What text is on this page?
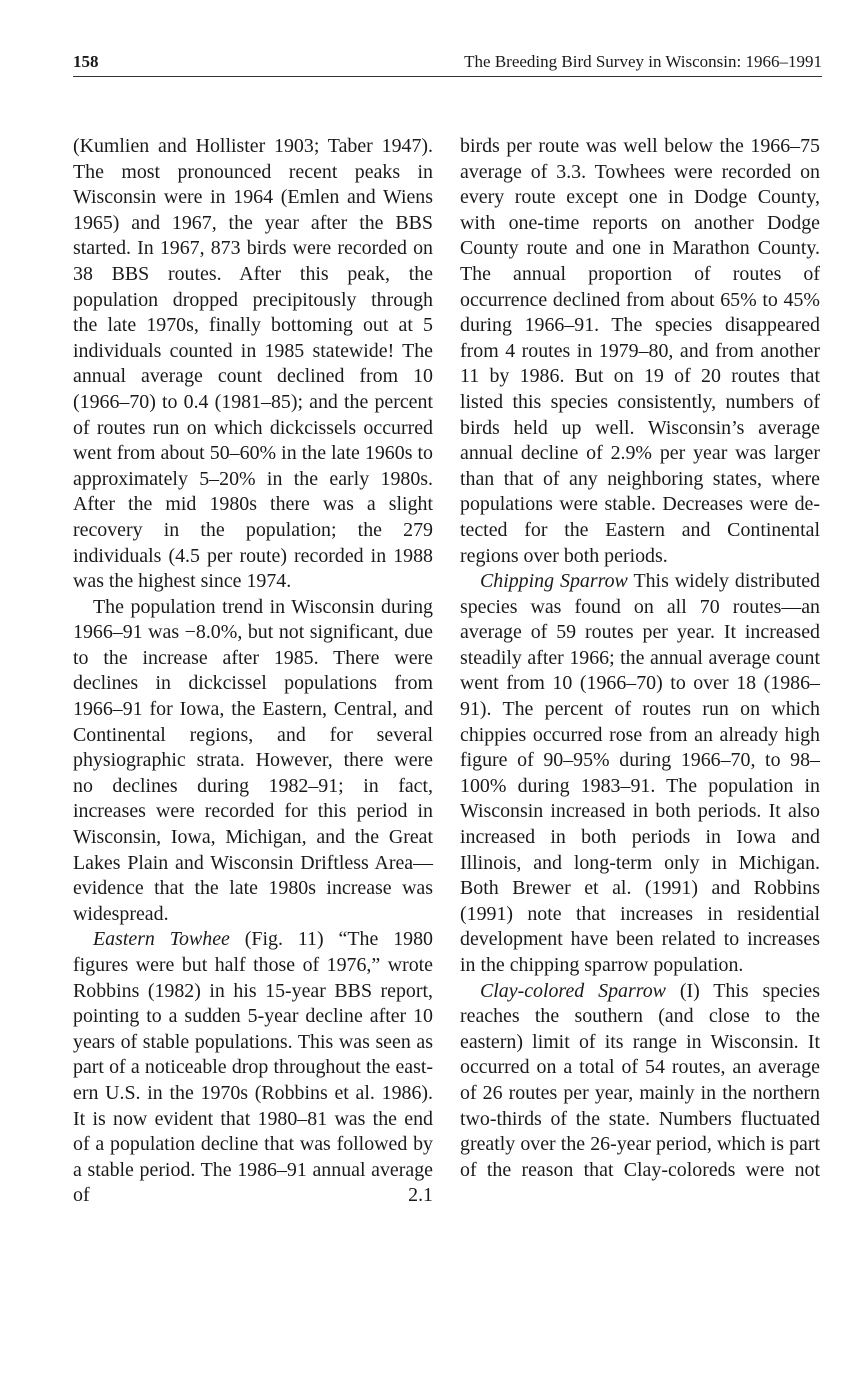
158	The Breeding Bird Survey in Wisconsin: 1966–1991

(Kumlien and Hollister 1903; Taber 1947). The most pronounced recent peaks in Wisconsin were in 1964 (Emlen and Wiens 1965) and 1967, the year after the BBS started. In 1967, 873 birds were recorded on 38 BBS routes. After this peak, the population dropped precipitously through the late 1970s, finally bottoming out at 5 individuals counted in 1985 statewide! The annual average count declined from 10 (1966–70) to 0.4 (1981–85); and the percent of routes run on which dickcissels occurred went from about 50–60% in the late 1960s to approximately 5–20% in the early 1980s. After the mid 1980s there was a slight recovery in the population; the 279 individuals (4.5 per route) recorded in 1988 was the highest since 1974.

The population trend in Wisconsin during 1966–91 was −8.0%, but not significant, due to the increase after 1985. There were declines in dickcissel populations from 1966–91 for Iowa, the Eastern, Central, and Continental regions, and for several physiographic strata. However, there were no declines during 1982–91; in fact, increases were recorded for this period in Wisconsin, Iowa, Michigan, and the Great Lakes Plain and Wisconsin Driftless Area—evidence that the late 1980s increase was widespread.

Eastern Towhee (Fig. 11) “The 1980 figures were but half those of 1976,” wrote Robbins (1982) in his 15-year BBS report, pointing to a sudden 5-year decline after 10 years of stable populations. This was seen as part of a noticeable drop throughout the eastern U.S. in the 1970s (Robbins et al. 1986). It is now evident that 1980–81 was the end of a population decline that was followed by a stable period. The 1986–91 annual average of 2.1

birds per route was well below the 1966–75 average of 3.3. Towhees were recorded on every route except one in Dodge County, with one-time reports on another Dodge County route and one in Marathon County. The annual proportion of routes of occurrence declined from about 65% to 45% during 1966–91. The species disappeared from 4 routes in 1979–80, and from another 11 by 1986. But on 19 of 20 routes that listed this species consistently, numbers of birds held up well. Wisconsin’s average annual decline of 2.9% per year was larger than that of any neighboring states, where populations were stable. Decreases were detected for the Eastern and Continental regions over both periods.

Chipping Sparrow This widely distributed species was found on all 70 routes—an average of 59 routes per year. It increased steadily after 1966; the annual average count went from 10 (1966–70) to over 18 (1986–91). The percent of routes run on which chippies occurred rose from an already high figure of 90–95% during 1966–70, to 98–100% during 1983–91. The population in Wisconsin increased in both periods. It also increased in both periods in Iowa and Illinois, and long-term only in Michigan. Both Brewer et al. (1991) and Robbins (1991) note that increases in residential development have been related to increases in the chipping sparrow population.

Clay-colored Sparrow (I) This species reaches the southern (and close to the eastern) limit of its range in Wisconsin. It occurred on a total of 54 routes, an average of 26 routes per year, mainly in the northern two-thirds of the state. Numbers fluctuated greatly over the 26-year period, which is part of the reason that Clay-coloreds were not
